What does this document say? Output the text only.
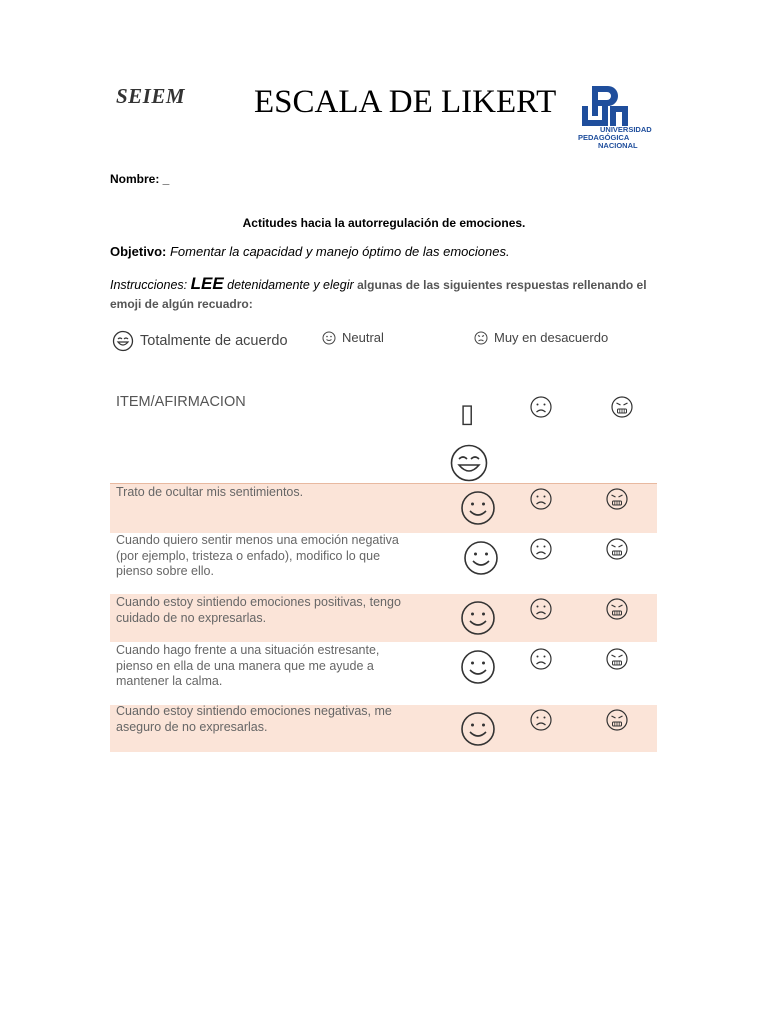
SEIEM ESCALA DE LIKERT
UNIVERSIDAD
PEDAGÓGICA
NACIONAL
Nombre: _
Actitudes hacia la autorregulación de emociones.
Objetivo: Fomentar la capacidad y manejo óptimo de las emociones.
Instrucciones: LEE detenidamente y elegir algunas de las siguientes respuestas rellenando el emoji de algún recuadro:
Totalmente de acuerdo	Neutral	Muy en desacuerdo
ITEM/AFIRMACION	▯
Trato de ocultar mis sentimientos.
Cuando quiero sentir menos una emoción negativa (por ejemplo, tristeza o enfado), modifico lo que pienso sobre ello.
Cuando estoy sintiendo emociones positivas, tengo cuidado de no expresarlas.
Cuando hago frente a una situación estresante, pienso en ella de una manera que me ayude a mantener la calma.
Cuando estoy sintiendo emociones negativas, me aseguro de no expresarlas.
